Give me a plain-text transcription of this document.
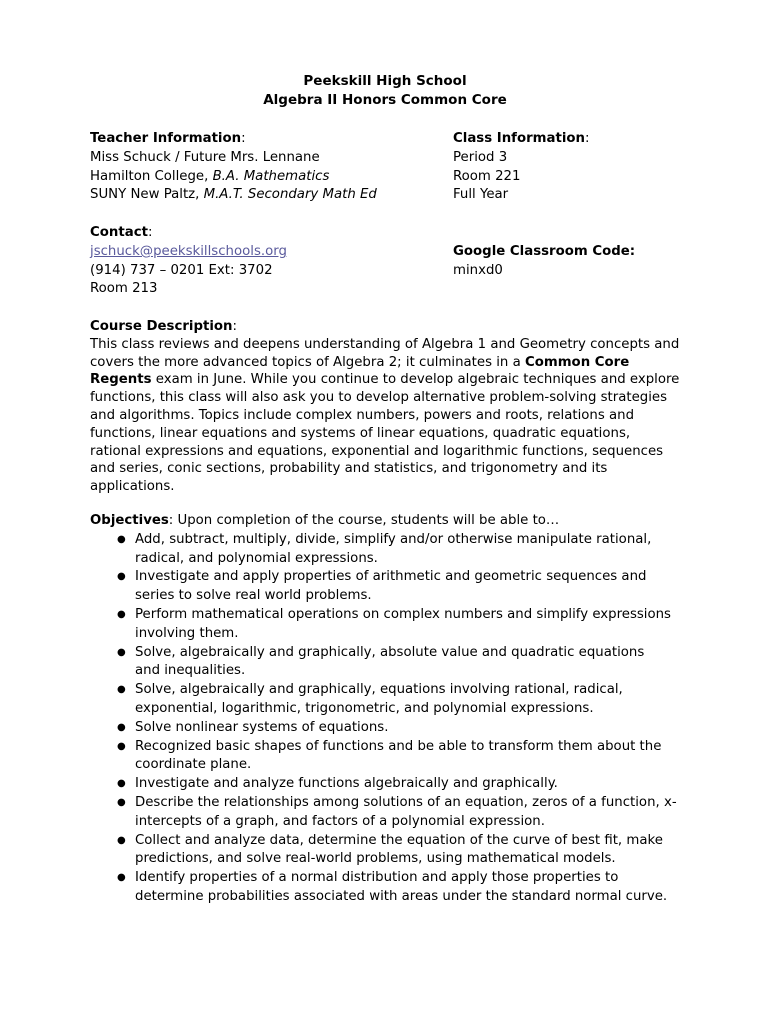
Peekskill High School
Algebra II Honors Common Core
Teacher Information:
Miss Schuck / Future Mrs. Lennane
Hamilton College, B.A. Mathematics
SUNY New Paltz, M.A.T. Secondary Math Ed
Class Information:
Period 3
Room 221
Full Year
Contact:
jschuck@peekskillschools.org
(914) 737 – 0201 Ext: 3702
Room 213
Google Classroom Code:
minxd0

Course Description:

This class reviews and deepens understanding of Algebra 1 and Geometry concepts and covers the more advanced topics of Algebra 2; it culminates in a Common Core Regents exam in June. While you continue to develop algebraic techniques and explore functions, this class will also ask you to develop alternative problem-solving strategies and algorithms. Topics include complex numbers, powers and roots, relations and functions, linear equations and systems of linear equations, quadratic equations, rational expressions and equations, exponential and logarithmic functions, sequences and series, conic sections, probability and statistics, and trigonometry and its applications.

Objectives: Upon completion of the course, students will be able to…

● Add, subtract, multiply, divide, simplify and/or otherwise manipulate rational,
radical, and polynomial expressions.
● Investigate and apply properties of arithmetic and geometric sequences and
series to solve real world problems.
● Perform mathematical operations on complex numbers and simplify expressions
involving them.
● Solve, algebraically and graphically, absolute value and quadratic equations
and inequalities.
● Solve, algebraically and graphically, equations involving rational, radical,
exponential, logarithmic, trigonometric, and polynomial expressions.
● Solve nonlinear systems of equations.
● Recognized basic shapes of functions and be able to transform them about the
coordinate plane.
● Investigate and analyze functions algebraically and graphically.
● Describe the relationships among solutions of an equation, zeros of a function, x-
intercepts of a graph, and factors of a polynomial expression.
● Collect and analyze data, determine the equation of the curve of best fit, make
predictions, and solve real-world problems, using mathematical models.
● Identify properties of a normal distribution and apply those properties to
determine probabilities associated with areas under the standard normal curve.
